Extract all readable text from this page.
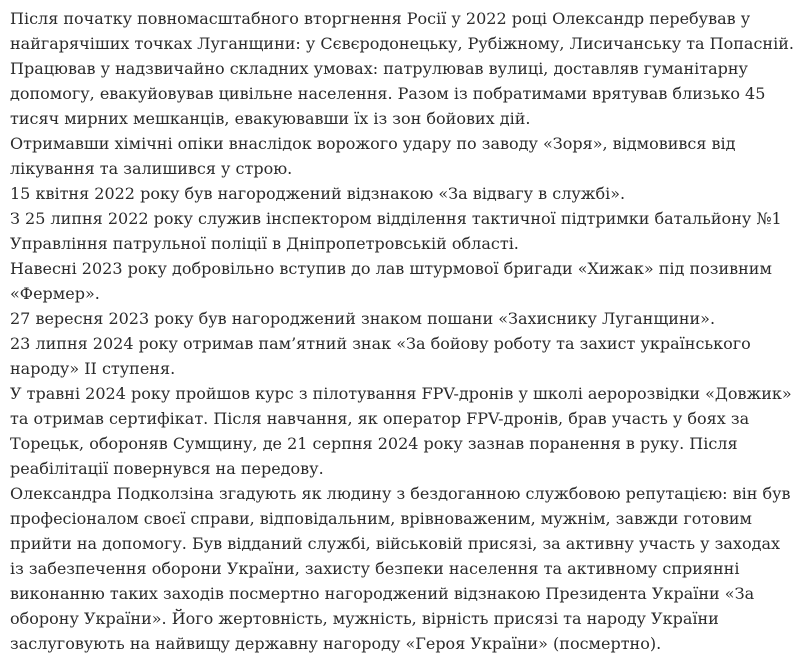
Після початку повномасштабного вторгнення Росії у 2022 році Олександр перебував у найгарячіших точках Луганщини: у Сєвєродонецьку, Рубіжному, Лисичанську та Попасній.

Працював у надзвичайно складних умовах: патрулював вулиці, доставляв гуманітарну допомогу, евакуйовував цивільне населення. Разом із побратимами врятував близько 45 тисяч мирних мешканців, евакуювавши їх із зон бойових дій.

Отримавши хімічні опіки внаслідок ворожого удару по заводу «Зоря», відмовився від лікування та залишився у строю.

15 квітня 2022 року був нагороджений відзнакою «За відвагу в службі».

З 25 липня 2022 року служив інспектором відділення тактичної підтримки батальйону №1 Управління патрульної поліції в Дніпропетровській області.

Навесні 2023 року добровільно вступив до лав штурмової бригади «Хижак» під позивним «Фермер».

27 вересня 2023 року був нагороджений знаком пошани «Захиснику Луганщини».

23 липня 2024 року отримав пам’ятний знак «За бойову роботу та захист українського народу» ІІ ступеня.

У травні 2024 року пройшов курс з пілотування FPV-дронів у школі аеророзвідки «Довжик» та отримав сертифікат. Після навчання, як оператор FPV-дронів, брав участь у боях за Торецьк, обороняв Сумщину, де 21 серпня 2024 року зазнав поранення в руку. Після реабілітації повернувся на передову.

Олександра Подколзіна згадують як людину з бездоганною службовою репутацією: він був професіоналом своєї справи, відповідальним, врівноваженим, мужнім, завжди готовим прийти на допомогу. Був відданий службі, військовій присязі, за активну участь у заходах із забезпечення оборони України, захисту безпеки населення та активному сприянні виконанню таких заходів посмертно нагороджений відзнакою Президента України «За оборону України». Його жертовність, мужність, вірність присязі та народу України заслуговують на найвищу державну нагороду «Героя України» (посмертно).
